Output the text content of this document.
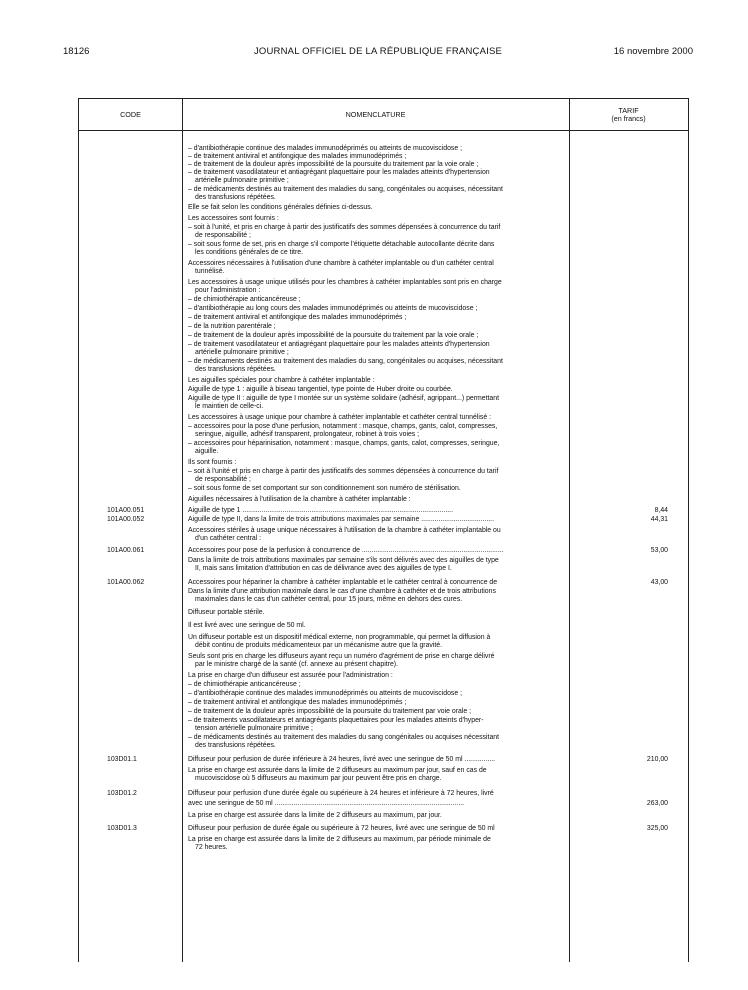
18126	JOURNAL OFFICIEL DE LA RÉPUBLIQUE FRANÇAISE	16 novembre 2000
CODE	NOMENCLATURE	TARIF
(en francs)
– d'antibiothérapie continue des malades immunodéprimés ou atteints de mucoviscidose ;
– de traitement antiviral et antifongique des malades immunodéprimés ;
– de traitement de la douleur après impossibilité de la poursuite du traitement par la voie orale ;
– de traitement vasodilatateur et antiagrégant plaquettaire pour les malades atteints d'hypertension
artérielle pulmonaire primitive ;
– de médicaments destinés au traitement des maladies du sang, congénitales ou acquises, nécessitant
des transfusions répétées.
Elle se fait selon les conditions générales définies ci-dessus.
Les accessoires sont fournis :
– soit à l'unité, et pris en charge à partir des justificatifs des sommes dépensées à concurrence du tarif
de responsabilité ;
– soit sous forme de set, pris en charge s'il comporte l'étiquette détachable autocollante décrite dans
les conditions générales de ce titre.
Accessoires nécessaires à l'utilisation d'une chambre à cathéter implantable ou d'un cathéter central
tunnélisé.
Les accessoires à usage unique utilisés pour les chambres à cathéter implantables sont pris en charge
pour l'administration :
– de chimiothérapie anticancéreuse ;
– d'antibiothérapie au long cours des malades immunodéprimés ou atteints de mucoviscidose ;
– de traitement antiviral et antifongique des malades immunodéprimés ;
– de la nutrition parentérale ;
– de traitement de la douleur après impossibilité de la poursuite du traitement par la voie orale ;
– de traitement vasodilatateur et antiagrégant plaquettaire pour les malades atteints d'hypertension
artérielle pulmonaire primitive ;
– de médicaments destinés au traitement des maladies du sang, congénitales ou acquises, nécessitant
des transfusions répétées.
Les aiguilles spéciales pour chambre à cathéter implantable :
Aiguille de type 1 : aiguille à biseau tangentiel, type pointe de Huber droite ou courbée.
Aiguille de type II : aiguille de type I montée sur un système solidaire (adhésif, agrippant...) permettant
le maintien de celle-ci.
Les accessoires à usage unique pour chambre à cathéter implantable et cathéter central tunnélisé :
– accessoires pour la pose d'une perfusion, notamment : masque, champs, gants, calot, compresses,
seringue, aiguille, adhésif transparent, prolongateur, robinet à trois voies ;
– accessoires pour héparinisation, notamment : masque, champs, gants, calot, compresses, seringue,
aiguille.
Ils sont fournis :
– soit à l'unité et pris en charge à partir des justificatifs des sommes dépensées à concurrence du tarif
de responsabilité ;
– soit sous forme de set comportant sur son conditionnement son numéro de stérilisation.
Aiguilles nécessaires à l'utilisation de la chambre à cathéter implantable :
101A00.051	Aiguille de type 1 ..............................................................................................................	8,44
101A00.052	Aiguille de type II, dans la limite de trois attributions maximales par semaine ......................................	44,31
Accessoires stériles à usage unique nécessaires à l'utilisation de la chambre à cathéter implantable ou
d'un cathéter central :
101A00.061	Accessoires pour pose de la perfusion à concurrence de ..........................................................................	53,00
Dans la limite de trois attributions maximales par semaine s'ils sont délivrés avec des aiguilles de type
II, mais sans limitation d'attribution en cas de délivrance avec des aiguilles de type I.
101A00.062	Accessoires pour hépariner la chambre à cathéter implantable et le cathéter central à concurrence de	43,00
Dans la limite d'une attribution maximale dans le cas d'une chambre à cathéter et de trois attributions
maximales dans le cas d'un cathéter central, pour 15 jours, même en dehors des cures.
Diffuseur portable stérile.
Il est livré avec une seringue de 50 ml.
Un diffuseur portable est un dispositif médical externe, non programmable, qui permet la diffusion à
débit continu de produits médicamenteux par un mécanisme autre que la gravité.
Seuls sont pris en charge les diffuseurs ayant reçu un numéro d'agrément de prise en charge délivré
par le ministre chargé de la santé (cf. annexe au présent chapitre).
La prise en charge d'un diffuseur est assurée pour l'administration :
– de chimiothérapie anticancéreuse ;
– d'antibiothérapie continue des malades immunodéprimés ou atteints de mucoviscidose ;
– de traitement antiviral et antifongique des malades immunodéprimés ;
– de traitement de la douleur après impossibilité de la poursuite du traitement par voie orale ;
– de traitements vasodilatateurs et antiagrégants plaquettaires pour les malades atteints d'hyper-
tension artérielle pulmonaire primitive ;
– de médicaments destinés au traitement des maladies du sang congénitales ou acquises nécessitant
des transfusions répétées.
103D01.1	Diffuseur pour perfusion de durée inférieure à 24 heures, livré avec une seringue de 50 ml ................	210,00
La prise en charge est assurée dans la limite de 2 diffuseurs au maximum par jour, sauf en cas de
mucoviscidose où 5 diffuseurs au maximum par jour peuvent être pris en charge.
103D01.2	Diffuseur pour perfusion d'une durée égale ou supérieure à 24 heures et inférieure à 72 heures, livré
avec une seringue de 50 ml ...................................................................................................	263,00
La prise en charge est assurée dans la limite de 2 diffuseurs au maximum, par jour.
103D01.3	Diffuseur pour perfusion de durée égale ou supérieure à 72 heures, livré avec une seringue de 50 ml	325,00
La prise en charge est assurée dans la limite de 2 diffuseurs au maximum, par période minimale de
72 heures.
